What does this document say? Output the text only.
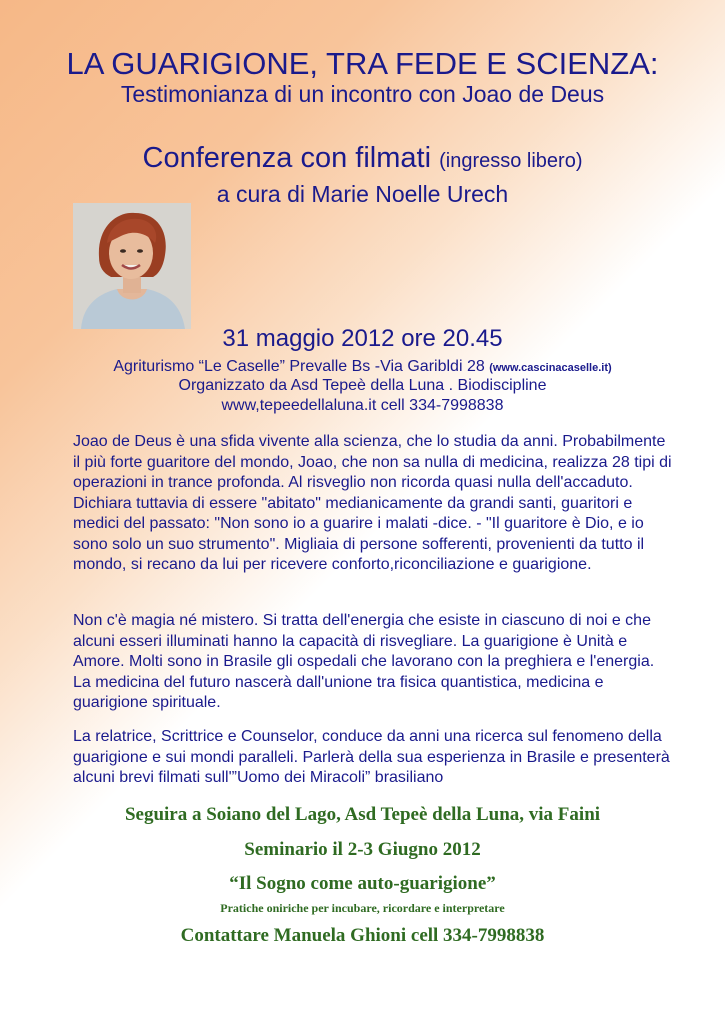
LA GUARIGIONE, TRA FEDE E SCIENZA:
Testimonianza di un incontro con Joao de Deus
Conferenza con filmati (ingresso libero)
a cura di Marie Noelle Urech
31 maggio 2012 ore 20.45
Agriturismo “Le Caselle” Prevalle Bs -Via Garibldi 28 (www.cascinacaselle.it)
Organizzato da Asd Tepeè della Luna . Biodiscipline
www,tepeedellaluna.it cell 334-7998838
Joao de Deus è una sfida vivente alla scienza, che lo studia da anni. Probabilmente il più forte guaritore del mondo, Joao, che non sa nulla di medicina, realizza 28 tipi di operazioni in trance profonda. Al risveglio non ricorda quasi nulla dell'accaduto. Dichiara tuttavia di essere "abitato" medianicamente da grandi santi, guaritori e medici del passato: "Non sono io a guarire i malati -dice. - "Il guaritore è Dio, e io sono solo un suo strumento". Migliaia di persone sofferenti, provenienti da tutto il mondo, si recano da lui per ricevere conforto,riconciliazione e guarigione.
Non c'è magia né mistero. Si tratta dell'energia che esiste in ciascuno di noi e che alcuni esseri illuminati hanno la capacità di risvegliare. La guarigione è Unità e Amore. Molti sono in Brasile gli ospedali che lavorano con la preghiera e l'energia. La medicina del futuro nascerà dall'unione tra fisica quantistica, medicina e guarigione spirituale.
La relatrice, Scrittrice e Counselor, conduce da anni una ricerca sul fenomeno della guarigione e sui mondi paralleli. Parlerà della sua esperienza in Brasile e presenterà alcuni brevi filmati sull'”Uomo dei Miracoli” brasiliano
Seguira a Soiano del Lago, Asd Tepeè della Luna, via Faini
Seminario il 2-3 Giugno 2012
“Il Sogno come auto-guarigione”
Pratiche oniriche per incubare, ricordare e interpretare
Contattare Manuela Ghioni cell 334-7998838
